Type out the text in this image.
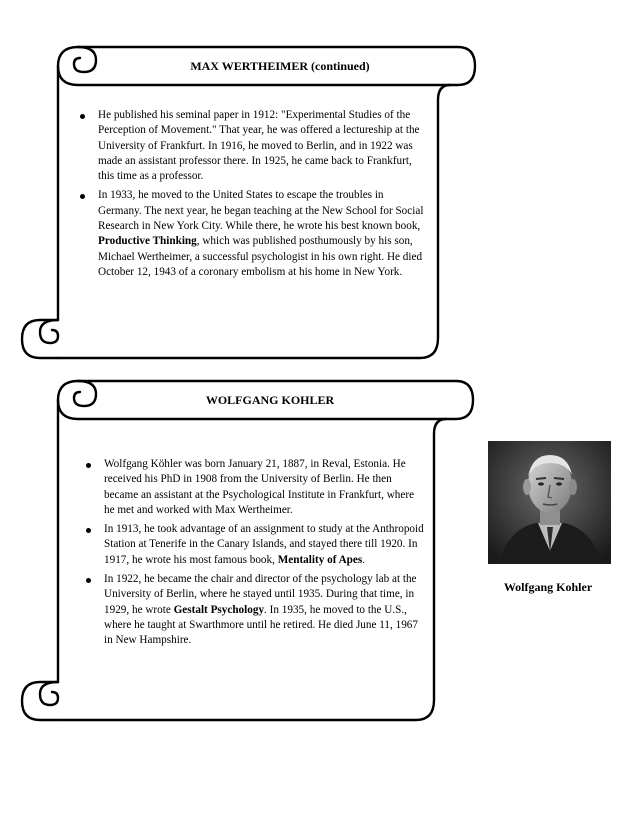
MAX WERTHEIMER (continued)
He published his seminal paper in 1912: "Experimental Studies of the Perception of Movement." That year, he was offered a lectureship at the University of Frankfurt. In 1916, he moved to Berlin, and in 1922 was made an assistant professor there. In 1925, he came back to Frankfurt, this time as a professor.
In 1933, he moved to the United States to escape the troubles in Germany. The next year, he began teaching at the New School for Social Research in New York City. While there, he wrote his best known book, Productive Thinking, which was published posthumously by his son, Michael Wertheimer, a successful psychologist in his own right. He died October 12, 1943 of a coronary embolism at his home in New York.
WOLFGANG KOHLER
Wolfgang Köhler was born January 21, 1887, in Reval, Estonia. He received his PhD in 1908 from the University of Berlin. He then became an assistant at the Psychological Institute in Frankfurt, where he met and worked with Max Wertheimer.
In 1913, he took advantage of an assignment to study at the Anthropoid Station at Tenerife in the Canary Islands, and stayed there till 1920. In 1917, he wrote his most famous book, Mentality of Apes.
In 1922, he became the chair and director of the psychology lab at the University of Berlin, where he stayed until 1935. During that time, in 1929, he wrote Gestalt Psychology. In 1935, he moved to the U.S., where he taught at Swarthmore until he retired. He died June 11, 1967 in New Hampshire.
Wolfgang Kohler
